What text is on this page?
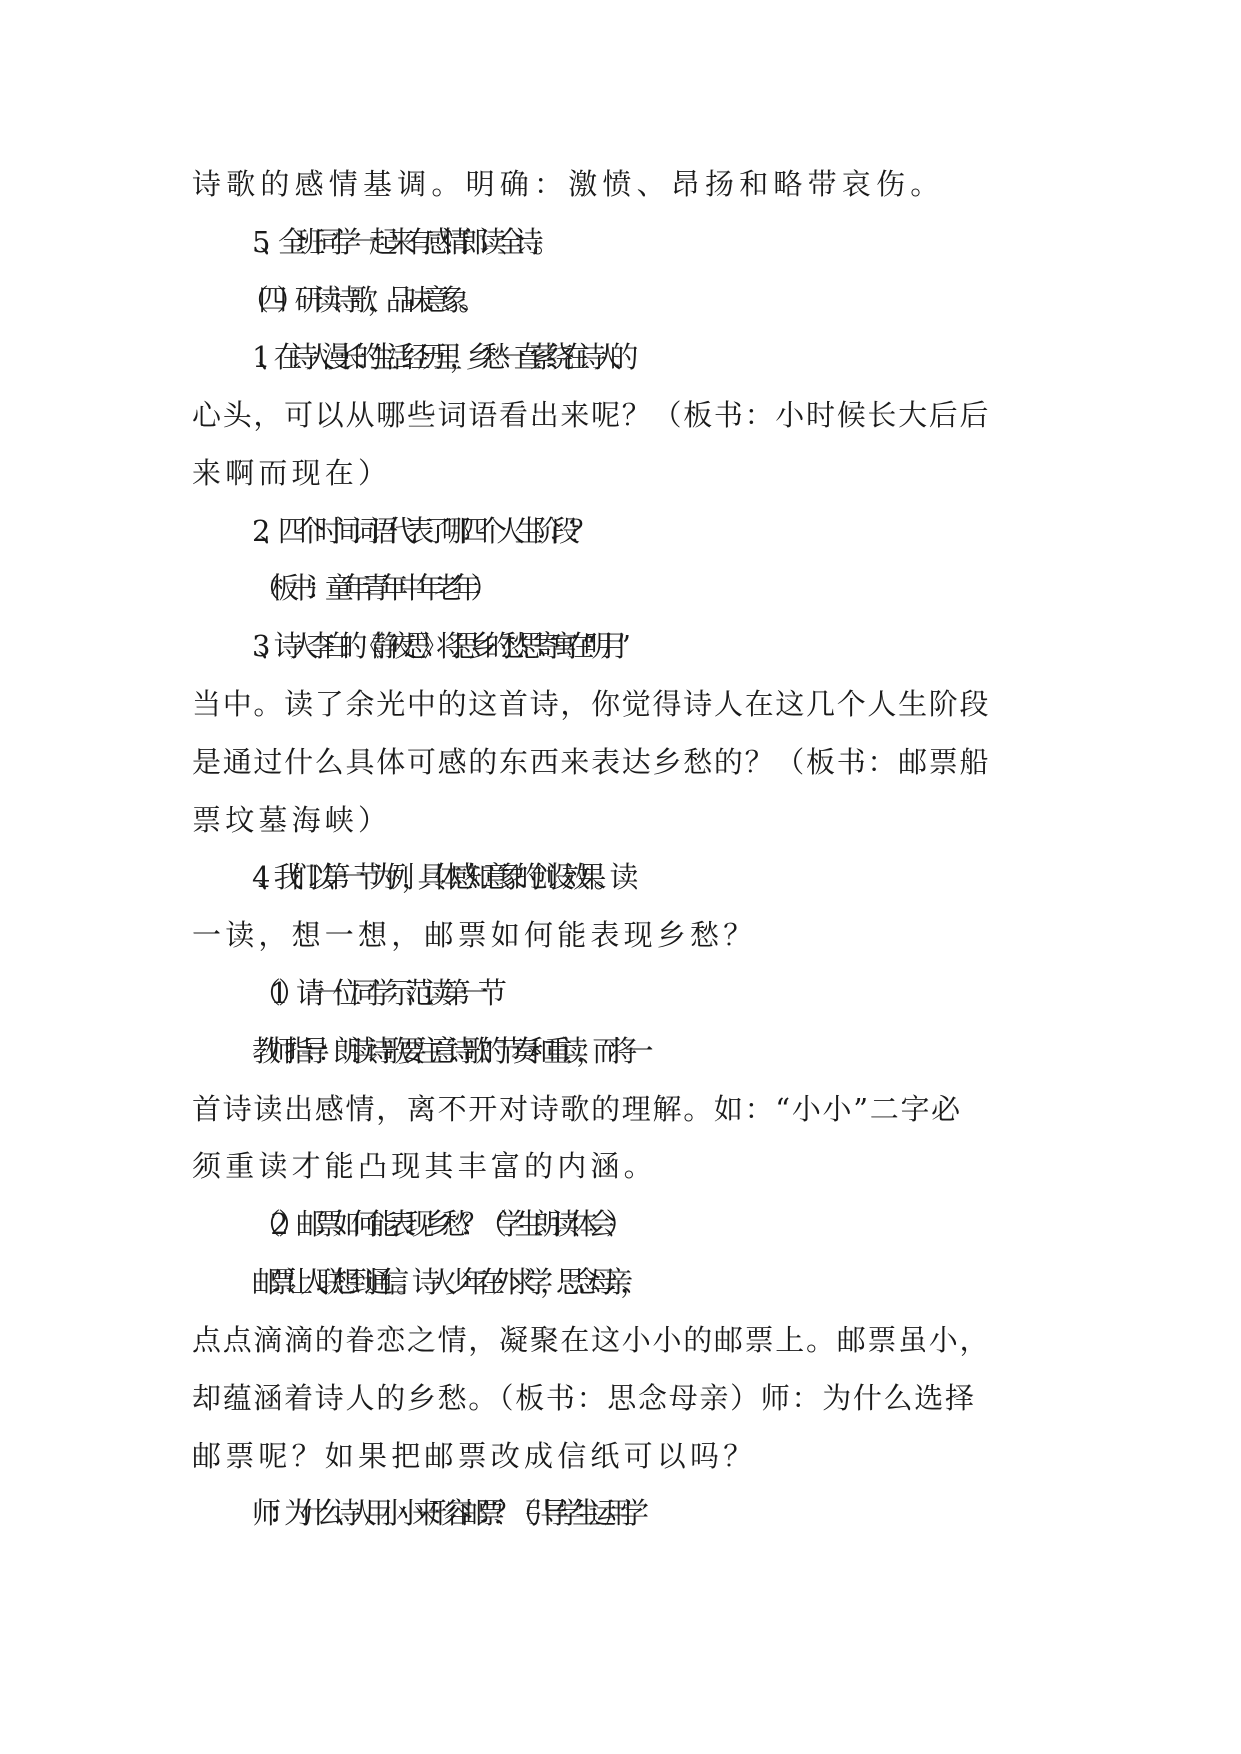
诗歌的感情基调。明确：激愤、昂扬和略带哀伤。
5、全班同学一起来有感情郎读全诗。
（四）研读诗歌，品味意象。
1、在诗人漫长的生活经历里，乡愁一直萦绕在诗人的
心头，可以从哪些词语看出来呢？（板书：小时候长大后后
来啊而现在）
2、四个时间词语代表了哪四个人生阶段？
（板书：童年青年中年老年）
3、诗人李白的《静夜思》将思乡的愁思寄寓在“明月”
当中。读了余光中的这首诗，你觉得诗人在这几个人生阶段
是通过什么具体可感的东西来表达乡愁的？（板书：邮票船
票坟墓海峡）
4、我们以第一节为例，具体感知意象的创设效果。读
一读，想一想，邮票如何能表现乡愁？
（1）请一位同学示范读第一节
教师指导：朗读诗歌要注意诗歌的节奏和重读，而将一
首诗读出感情，离不开对诗歌的理解。如：“小小”二字必
须重读才能凸现其丰富的内涵。
（2）邮票如何能表现乡愁？（学生朗读体会）
邮票让人联想到通信。诗人少年在外求学，思念母亲，
点点滴滴的眷恋之情，凝聚在这小小的邮票上。邮票虽小，
却蕴涵着诗人的乡愁。（板书：思念母亲）师：为什么选择
邮票呢？如果把邮票改成信纸可以吗？
师：为什么诗人用小小来形容邮票？（引导学生运用学
